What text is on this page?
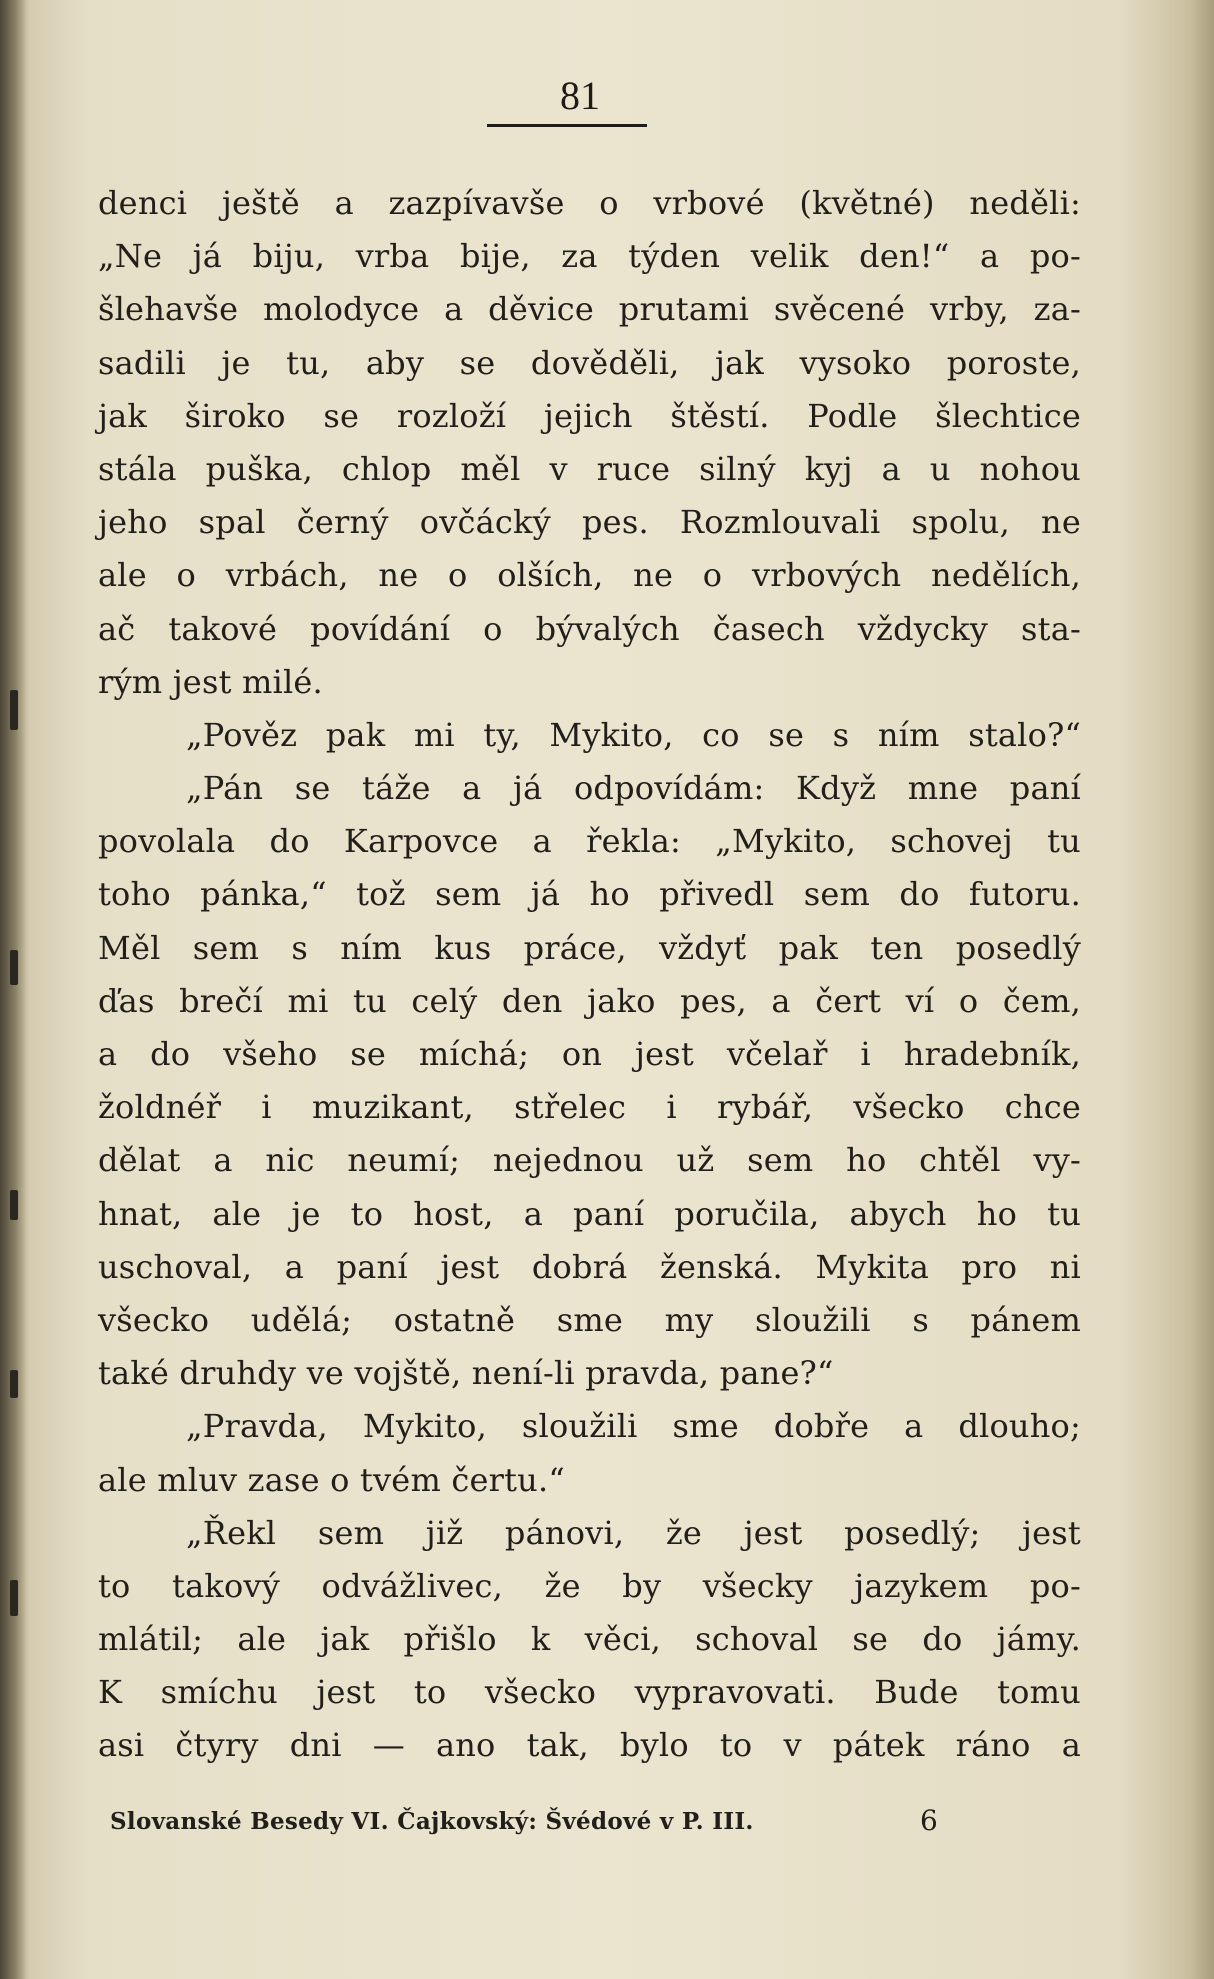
81
denci ještě a zazpívavše o vrbové (květné) neděli:
„Ne já biju, vrba bije, za týden velik den!“ a po-
šlehavše molodyce a děvice prutami svěcené vrby, za-
sadili je tu, aby se dověděli, jak vysoko poroste,
jak široko se rozloží jejich štěstí. Podle šlechtice
stála puška, chlop měl v ruce silný kyj a u nohou
jeho spal černý ovčácký pes. Rozmlouvali spolu, ne
ale o vrbách, ne o olších, ne o vrbových nedělích,
ač takové povídání o bývalých časech vždycky sta-
rým jest milé.
„Pověz pak mi ty, Mykito, co se s ním stalo?“
„Pán se táže a já odpovídám: Když mne paní
povolala do Karpovce a řekla: „Mykito, schovej tu
toho pánka,“ tož sem já ho přivedl sem do futoru.
Měl sem s ním kus práce, vždyť pak ten posedlý
ďas brečí mi tu celý den jako pes, a čert ví o čem,
a do všeho se míchá; on jest včelař i hradebník,
žoldnéř i muzikant, střelec i rybář, všecko chce
dělat a nic neumí; nejednou už sem ho chtěl vy-
hnat, ale je to host, a paní poručila, abych ho tu
uschoval, a paní jest dobrá ženská. Mykita pro ni
všecko udělá; ostatně sme my sloužili s pánem
také druhdy ve vojště, není-li pravda, pane?“
„Pravda, Mykito, sloužili sme dobře a dlouho;
ale mluv zase o tvém čertu.“
„Řekl sem již pánovi, že jest posedlý; jest
to takový odvážlivec, že by všecky jazykem po-
mlátil; ale jak přišlo k věci, schoval se do jámy.
K smíchu jest to všecko vypravovati. Bude tomu
asi čtyry dni — ano tak, bylo to v pátek ráno a
Slovanské Besedy VI. Čajkovský: Švédové v P. III.	6
